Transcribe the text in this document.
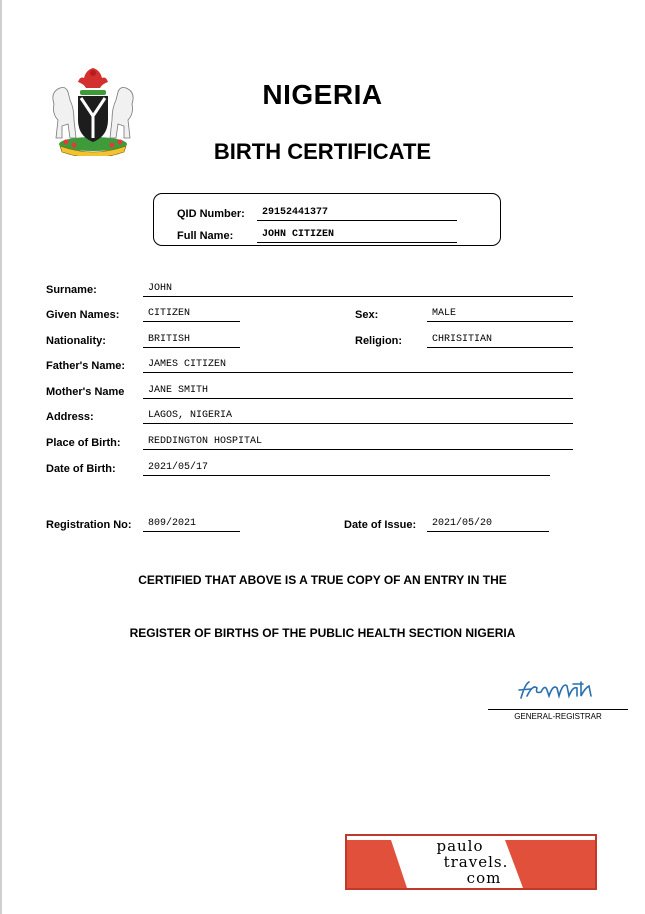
NIGERIA
BIRTH CERTIFICATE
QID Number:	29152441377
Full Name:	JOHN CITIZEN
Surname:	JOHN
Given Names:	CITIZEN	Sex:	MALE
Nationality:	BRITISH	Religion:	CHRISITIAN
Father's Name:	JAMES CITIZEN
Mother's Name	JANE SMITH
Address:	LAGOS, NIGERIA
Place of Birth:	REDDINGTON HOSPITAL
Date of Birth:	2021/05/17
Registration No:	809/2021	Date of Issue:	2021/05/20
CERTIFIED THAT ABOVE IS A TRUE COPY OF AN ENTRY IN THE
REGISTER OF BIRTHS OF THE PUBLIC HEALTH SECTION NIGERIA
GENERAL-REGISTRAR
paulo
travels.
com
